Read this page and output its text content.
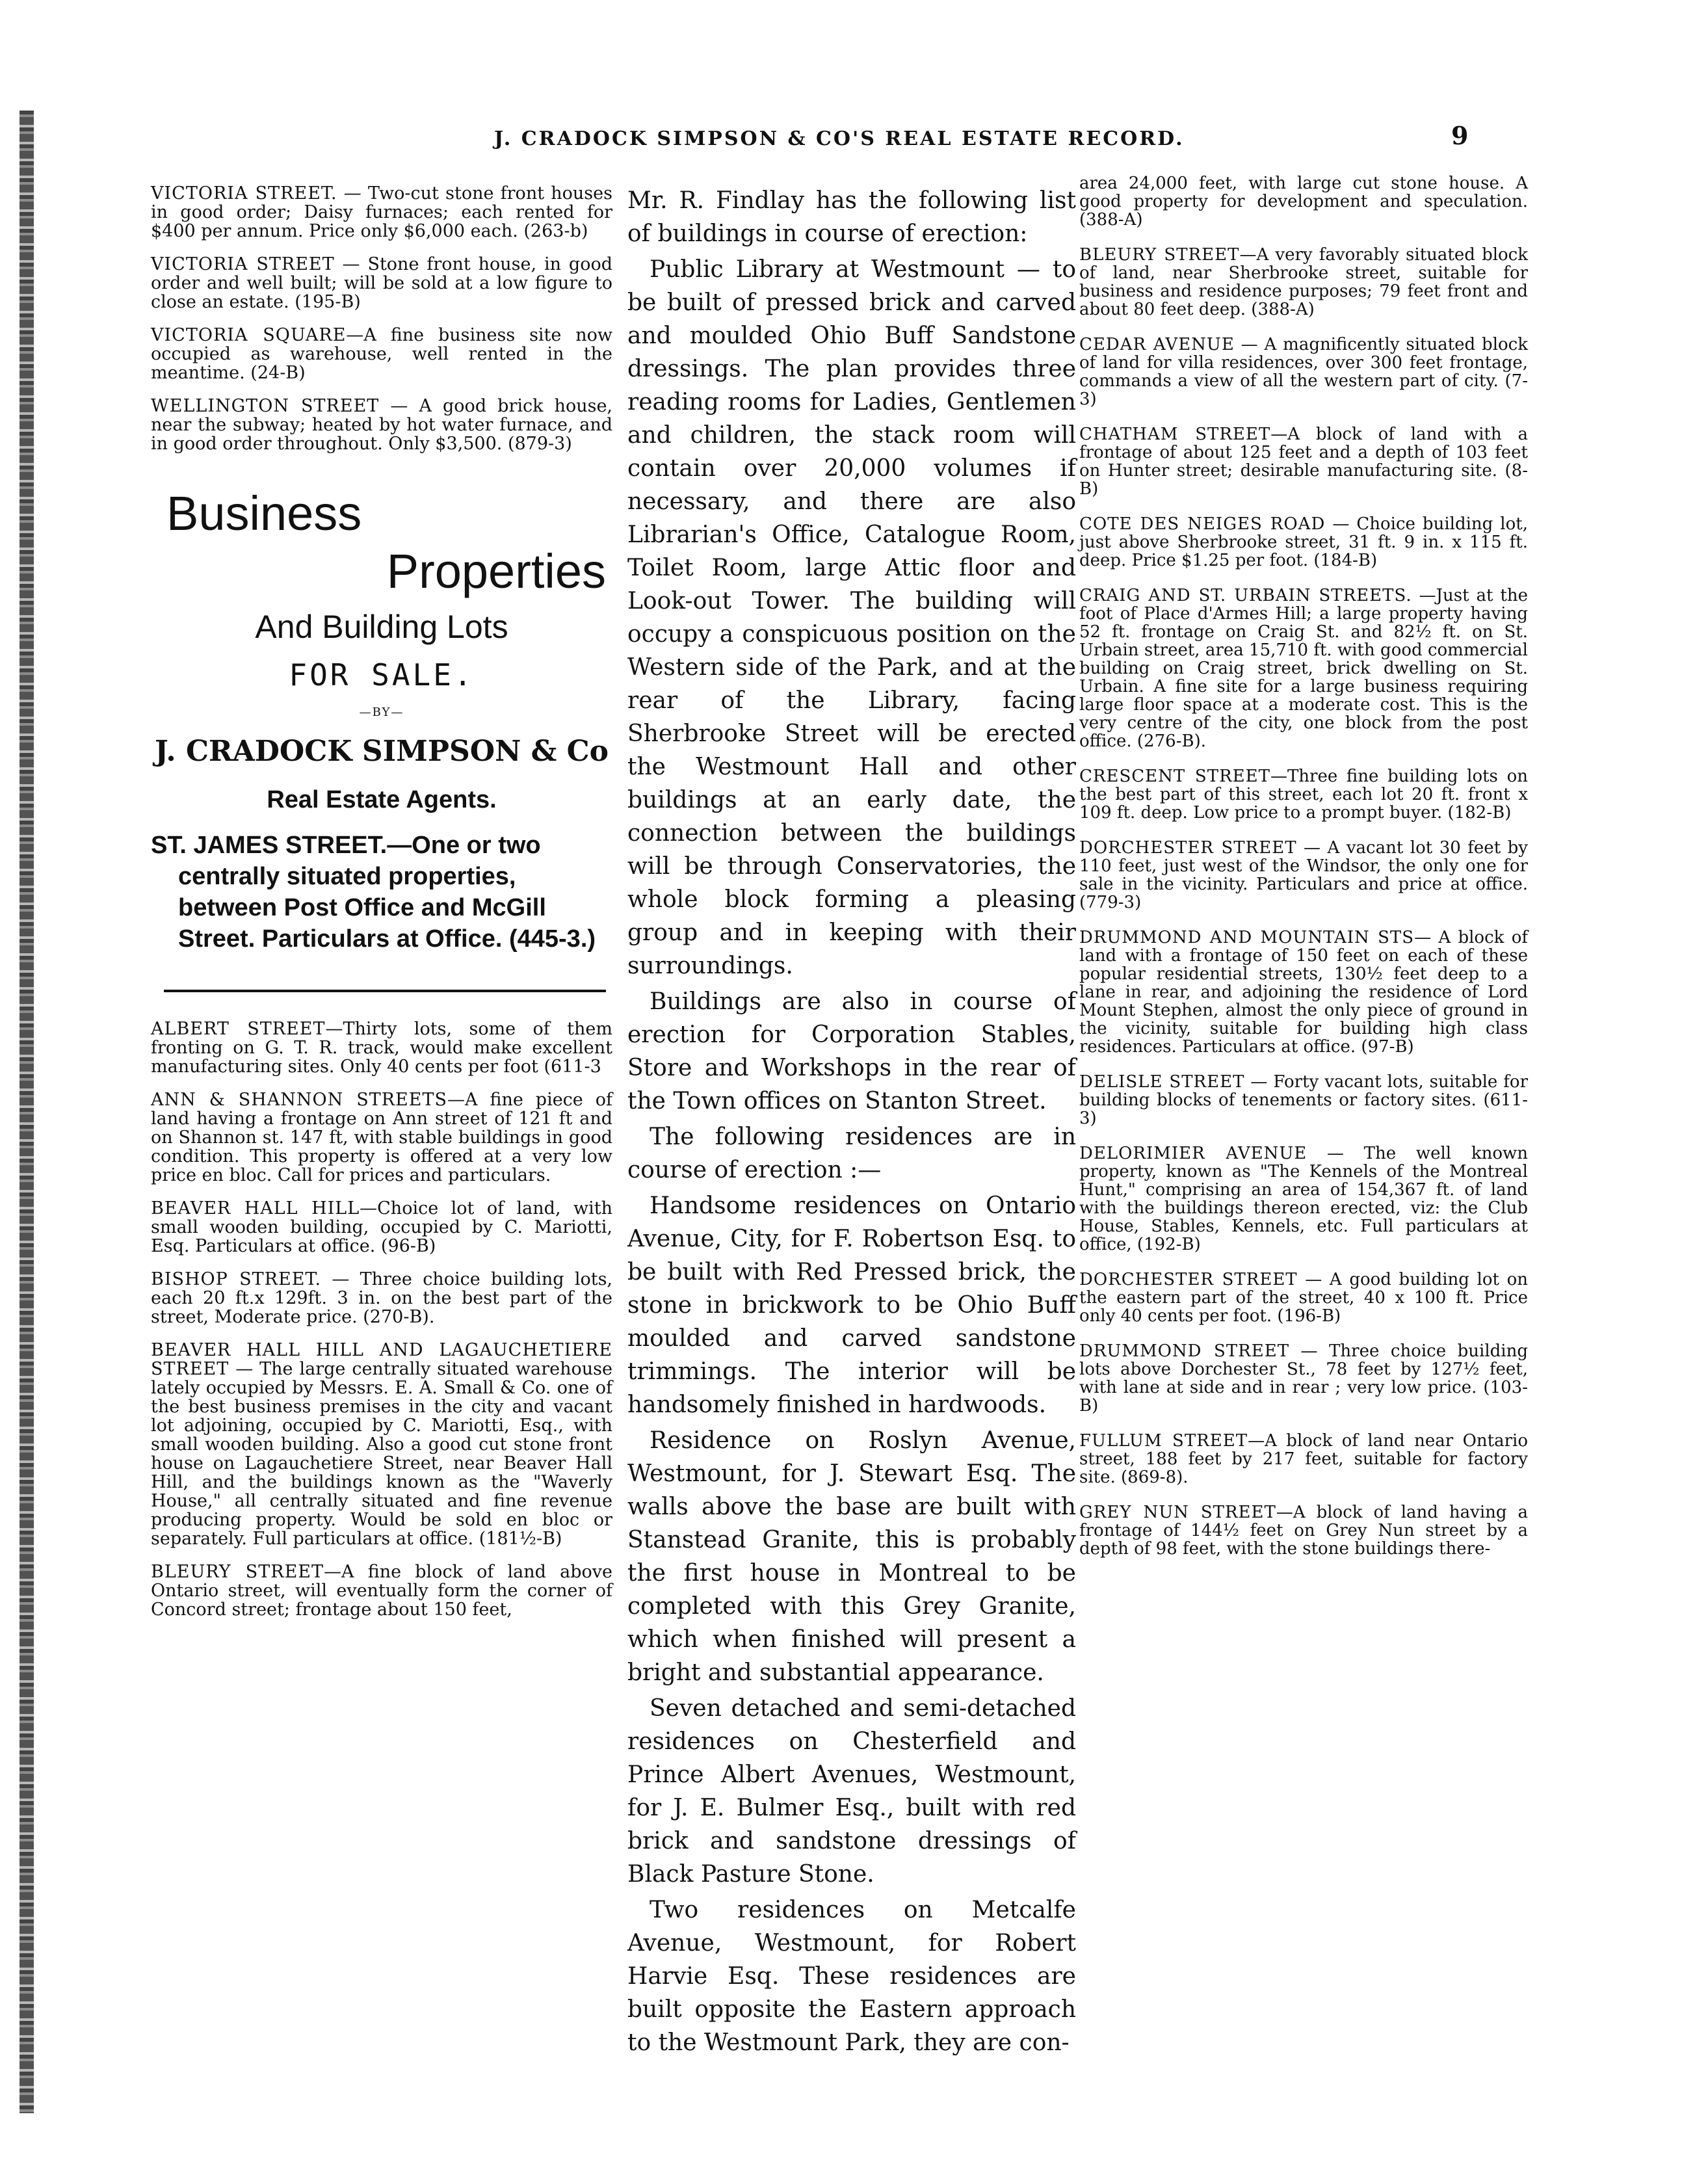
J. CRADOCK SIMPSON & CO'S REAL ESTATE RECORD.	9

VICTORIA STREET. — Two-cut stone front houses in good order; Daisy furnaces; each rented for $400 per annum. Price only $6,000 each. (263-b)

VICTORIA STREET — Stone front house, in good order and well built; will be sold at a low figure to close an estate. (195-B)

VICTORIA SQUARE—A fine business site now occupied as warehouse, well rented in the meantime. (24-B)

WELLINGTON STREET — A good brick house, near the subway; heated by hot water furnace, and in good order throughout. Only $3,500. (879-3)

Business
Properties
And Building Lots
FOR SALE.
—BY—
J. CRADOCK SIMPSON & Co
Real Estate Agents.
ST. JAMES STREET.—One or two centrally situated properties, between Post Office and McGill Street. Particulars at Office. (445-3.)

ALBERT STREET—Thirty lots, some of them fronting on G. T. R. track, would make excellent manufacturing sites. Only 40 cents per foot (611-3

ANN & SHANNON STREETS—A fine piece of land having a frontage on Ann street of 121 ft and on Shannon st. 147 ft, with stable buildings in good condition. This property is offered at a very low price en bloc. Call for prices and particulars.

BEAVER HALL HILL—Choice lot of land, with small wooden building, occupied by C. Mariotti, Esq. Particulars at office. (96-B)

BISHOP STREET. — Three choice building lots, each 20 ft.x 129ft. 3 in. on the best part of the street, Moderate price. (270-B).

BEAVER HALL HILL AND LAGAUCHETIERE STREET — The large centrally situated warehouse lately occupied by Messrs. E. A. Small & Co. one of the best business premises in the city and vacant lot adjoining, occupied by C. Mariotti, Esq., with small wooden building. Also a good cut stone front house on Lagauchetiere Street, near Beaver Hall Hill, and the buildings known as the "Waverly House," all centrally situated and fine revenue producing property. Would be sold en bloc or separately. Full particulars at office. (181½-B)

BLEURY STREET—A fine block of land above Ontario street, will eventually form the corner of Concord street; frontage about 150 feet,

Mr. R. Findlay has the following list of buildings in course of erection:

Public Library at Westmount — to be built of pressed brick and carved and moulded Ohio Buff Sandstone dressings. The plan provides three reading rooms for Ladies, Gentlemen and children, the stack room will contain over 20,000 volumes if necessary, and there are also Librarian's Office, Catalogue Room, Toilet Room, large Attic floor and Look-out Tower. The building will occupy a conspicuous position on the Western side of the Park, and at the rear of the Library, facing Sherbrooke Street will be erected the Westmount Hall and other buildings at an early date, the connection between the buildings will be through Conservatories, the whole block forming a pleasing group and in keeping with their surroundings.

Buildings are also in course of erection for Corporation Stables, Store and Workshops in the rear of the Town offices on Stanton Street.

The following residences are in course of erection :—

Handsome residences on Ontario Avenue, City, for F. Robertson Esq. to be built with Red Pressed brick, the stone in brickwork to be Ohio Buff moulded and carved sandstone trimmings. The interior will be handsomely finished in hardwoods.

Residence on Roslyn Avenue, Westmount, for J. Stewart Esq. The walls above the base are built with Stanstead Granite, this is probably the first house in Montreal to be completed with this Grey Granite, which when finished will present a bright and substantial appearance.

Seven detached and semi-detached residences on Chesterfield and Prince Albert Avenues, Westmount, for J. E. Bulmer Esq., built with red brick and sandstone dressings of Black Pasture Stone.

Two residences on Metcalfe Avenue, Westmount, for Robert Harvie Esq. These residences are built opposite the Eastern approach to the Westmount Park, they are con-

area 24,000 feet, with large cut stone house. A good property for development and speculation. (388-A)

BLEURY STREET—A very favorably situated block of land, near Sherbrooke street, suitable for business and residence purposes; 79 feet front and about 80 feet deep. (388-A)

CEDAR AVENUE — A magnificently situated block of land for villa residences, over 300 feet frontage, commands a view of all the western part of city. (7-3)

CHATHAM STREET—A block of land with a frontage of about 125 feet and a depth of 103 feet on Hunter street; desirable manufacturing site. (8-B)

COTE DES NEIGES ROAD — Choice building lot, just above Sherbrooke street, 31 ft. 9 in. x 115 ft. deep. Price $1.25 per foot. (184-B)

CRAIG AND ST. URBAIN STREETS. —Just at the foot of Place d'Armes Hill; a large property having 52 ft. frontage on Craig St. and 82½ ft. on St. Urbain street, area 15,710 ft. with good commercial building on Craig street, brick dwelling on St. Urbain. A fine site for a large business requiring large floor space at a moderate cost. This is the very centre of the city, one block from the post office. (276-B).

CRESCENT STREET—Three fine building lots on the best part of this street, each lot 20 ft. front x 109 ft. deep. Low price to a prompt buyer. (182-B)

DORCHESTER STREET — A vacant lot 30 feet by 110 feet, just west of the Windsor, the only one for sale in the vicinity. Particulars and price at office. (779-3)

DRUMMOND AND MOUNTAIN STS— A block of land with a frontage of 150 feet on each of these popular residential streets, 130½ feet deep to a lane in rear, and adjoining the residence of Lord Mount Stephen, almost the only piece of ground in the vicinity, suitable for building high class residences. Particulars at office. (97-B)

DELISLE STREET — Forty vacant lots, suitable for building blocks of tenements or factory sites. (611-3)

DELORIMIER AVENUE — The well known property, known as "The Kennels of the Montreal Hunt," comprising an area of 154,367 ft. of land with the buildings thereon erected, viz: the Club House, Stables, Kennels, etc. Full particulars at office, (192-B)

DORCHESTER STREET — A good building lot on the eastern part of the street, 40 x 100 ft. Price only 40 cents per foot. (196-B)

DRUMMOND STREET — Three choice building lots above Dorchester St., 78 feet by 127½ feet, with lane at side and in rear ; very low price. (103-B)

FULLUM STREET—A block of land near Ontario street, 188 feet by 217 feet, suitable for factory site. (869-8).

GREY NUN STREET—A block of land having a frontage of 144½ feet on Grey Nun street by a depth of 98 feet, with the stone buildings there-
